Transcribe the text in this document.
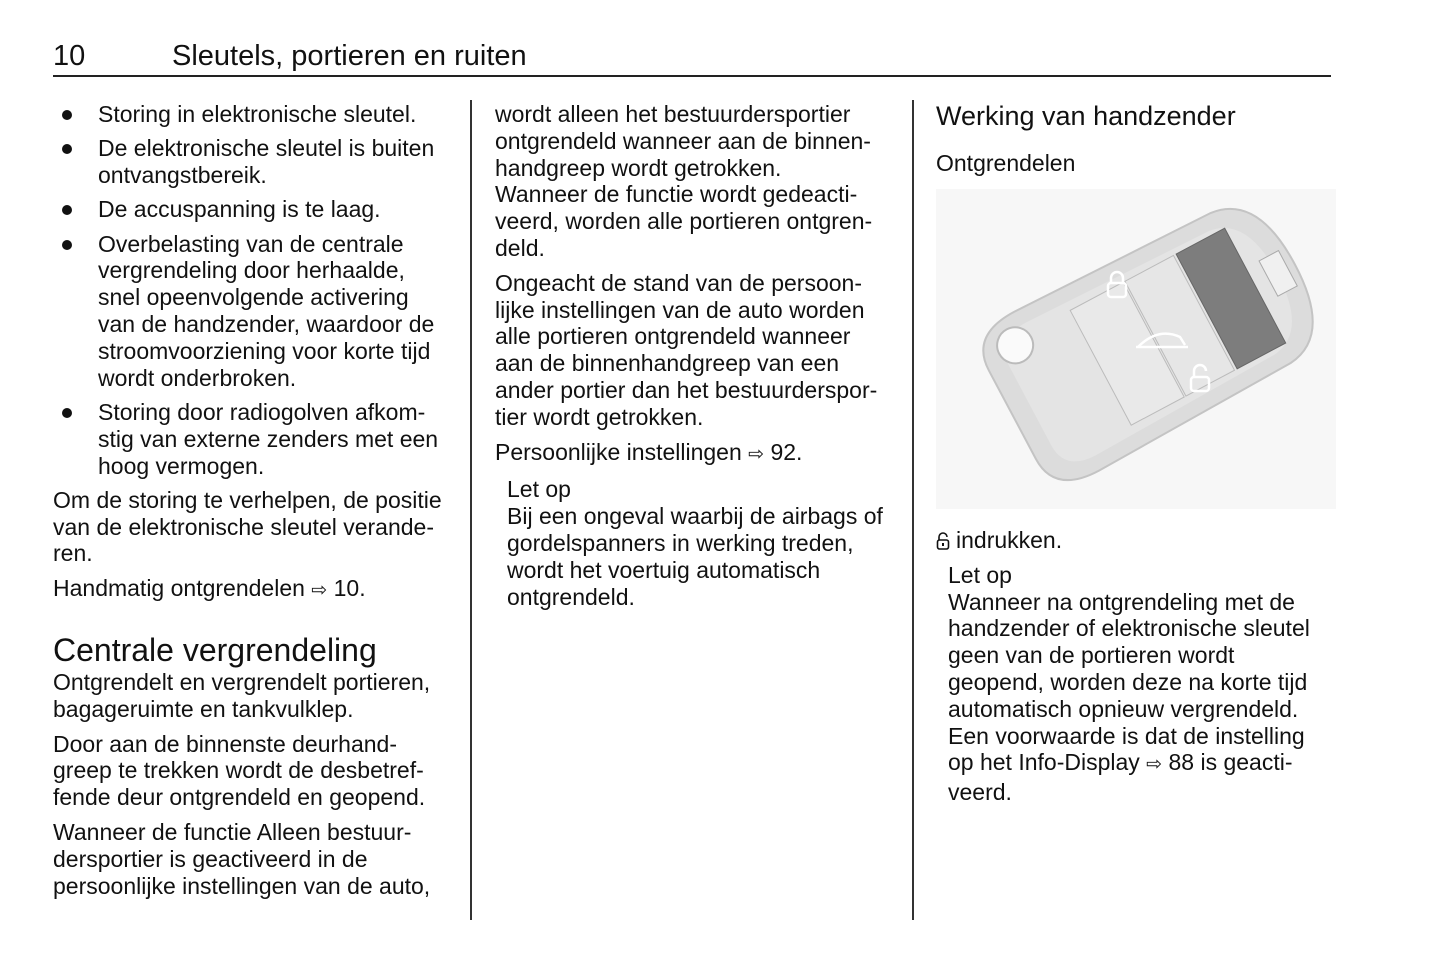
10	Sleutels, portieren en ruiten
Storing in elektronische sleutel.
De elektronische sleutel is buiten
ontvangstbereik.
De accuspanning is te laag.
Overbelasting van de centrale
vergrendeling door herhaalde,
snel opeenvolgende activering
van de handzender, waardoor de
stroomvoorziening voor korte tijd
wordt onderbroken.
Storing door radiogolven afkom-
stig van externe zenders met een
hoog vermogen.
Om de storing te verhelpen, de positie
van de elektronische sleutel verande-
ren.
Handmatig ontgrendelen ⇨ 10.
Centrale vergrendeling
Ontgrendelt en vergrendelt portieren,
bagageruimte en tankvulklep.
Door aan de binnenste deurhand-
greep te trekken wordt de desbetref-
fende deur ontgrendeld en geopend.
Wanneer de functie Alleen bestuur-
dersportier is geactiveerd in de
persoonlijke instellingen van de auto,
wordt alleen het bestuurdersportier
ontgrendeld wanneer aan de binnen-
handgreep wordt getrokken.
Wanneer de functie wordt gedeacti-
veerd, worden alle portieren ontgren-
deld.
Ongeacht de stand van de persoon-
lijke instellingen van de auto worden
alle portieren ontgrendeld wanneer
aan de binnenhandgreep van een
ander portier dan het bestuurderspor-
tier wordt getrokken.
Persoonlijke instellingen ⇨ 92.
Let op
Bij een ongeval waarbij de airbags of
gordelspanners in werking treden,
wordt het voertuig automatisch
ontgrendeld.
Werking van handzender
Ontgrendelen
indrukken.
Let op
Wanneer na ontgrendeling met de
handzender of elektronische sleutel
geen van de portieren wordt
geopend, worden deze na korte tijd
automatisch opnieuw vergrendeld.
Een voorwaarde is dat de instelling
op het Info-Display ⇨ 88 is geacti-
veerd.
